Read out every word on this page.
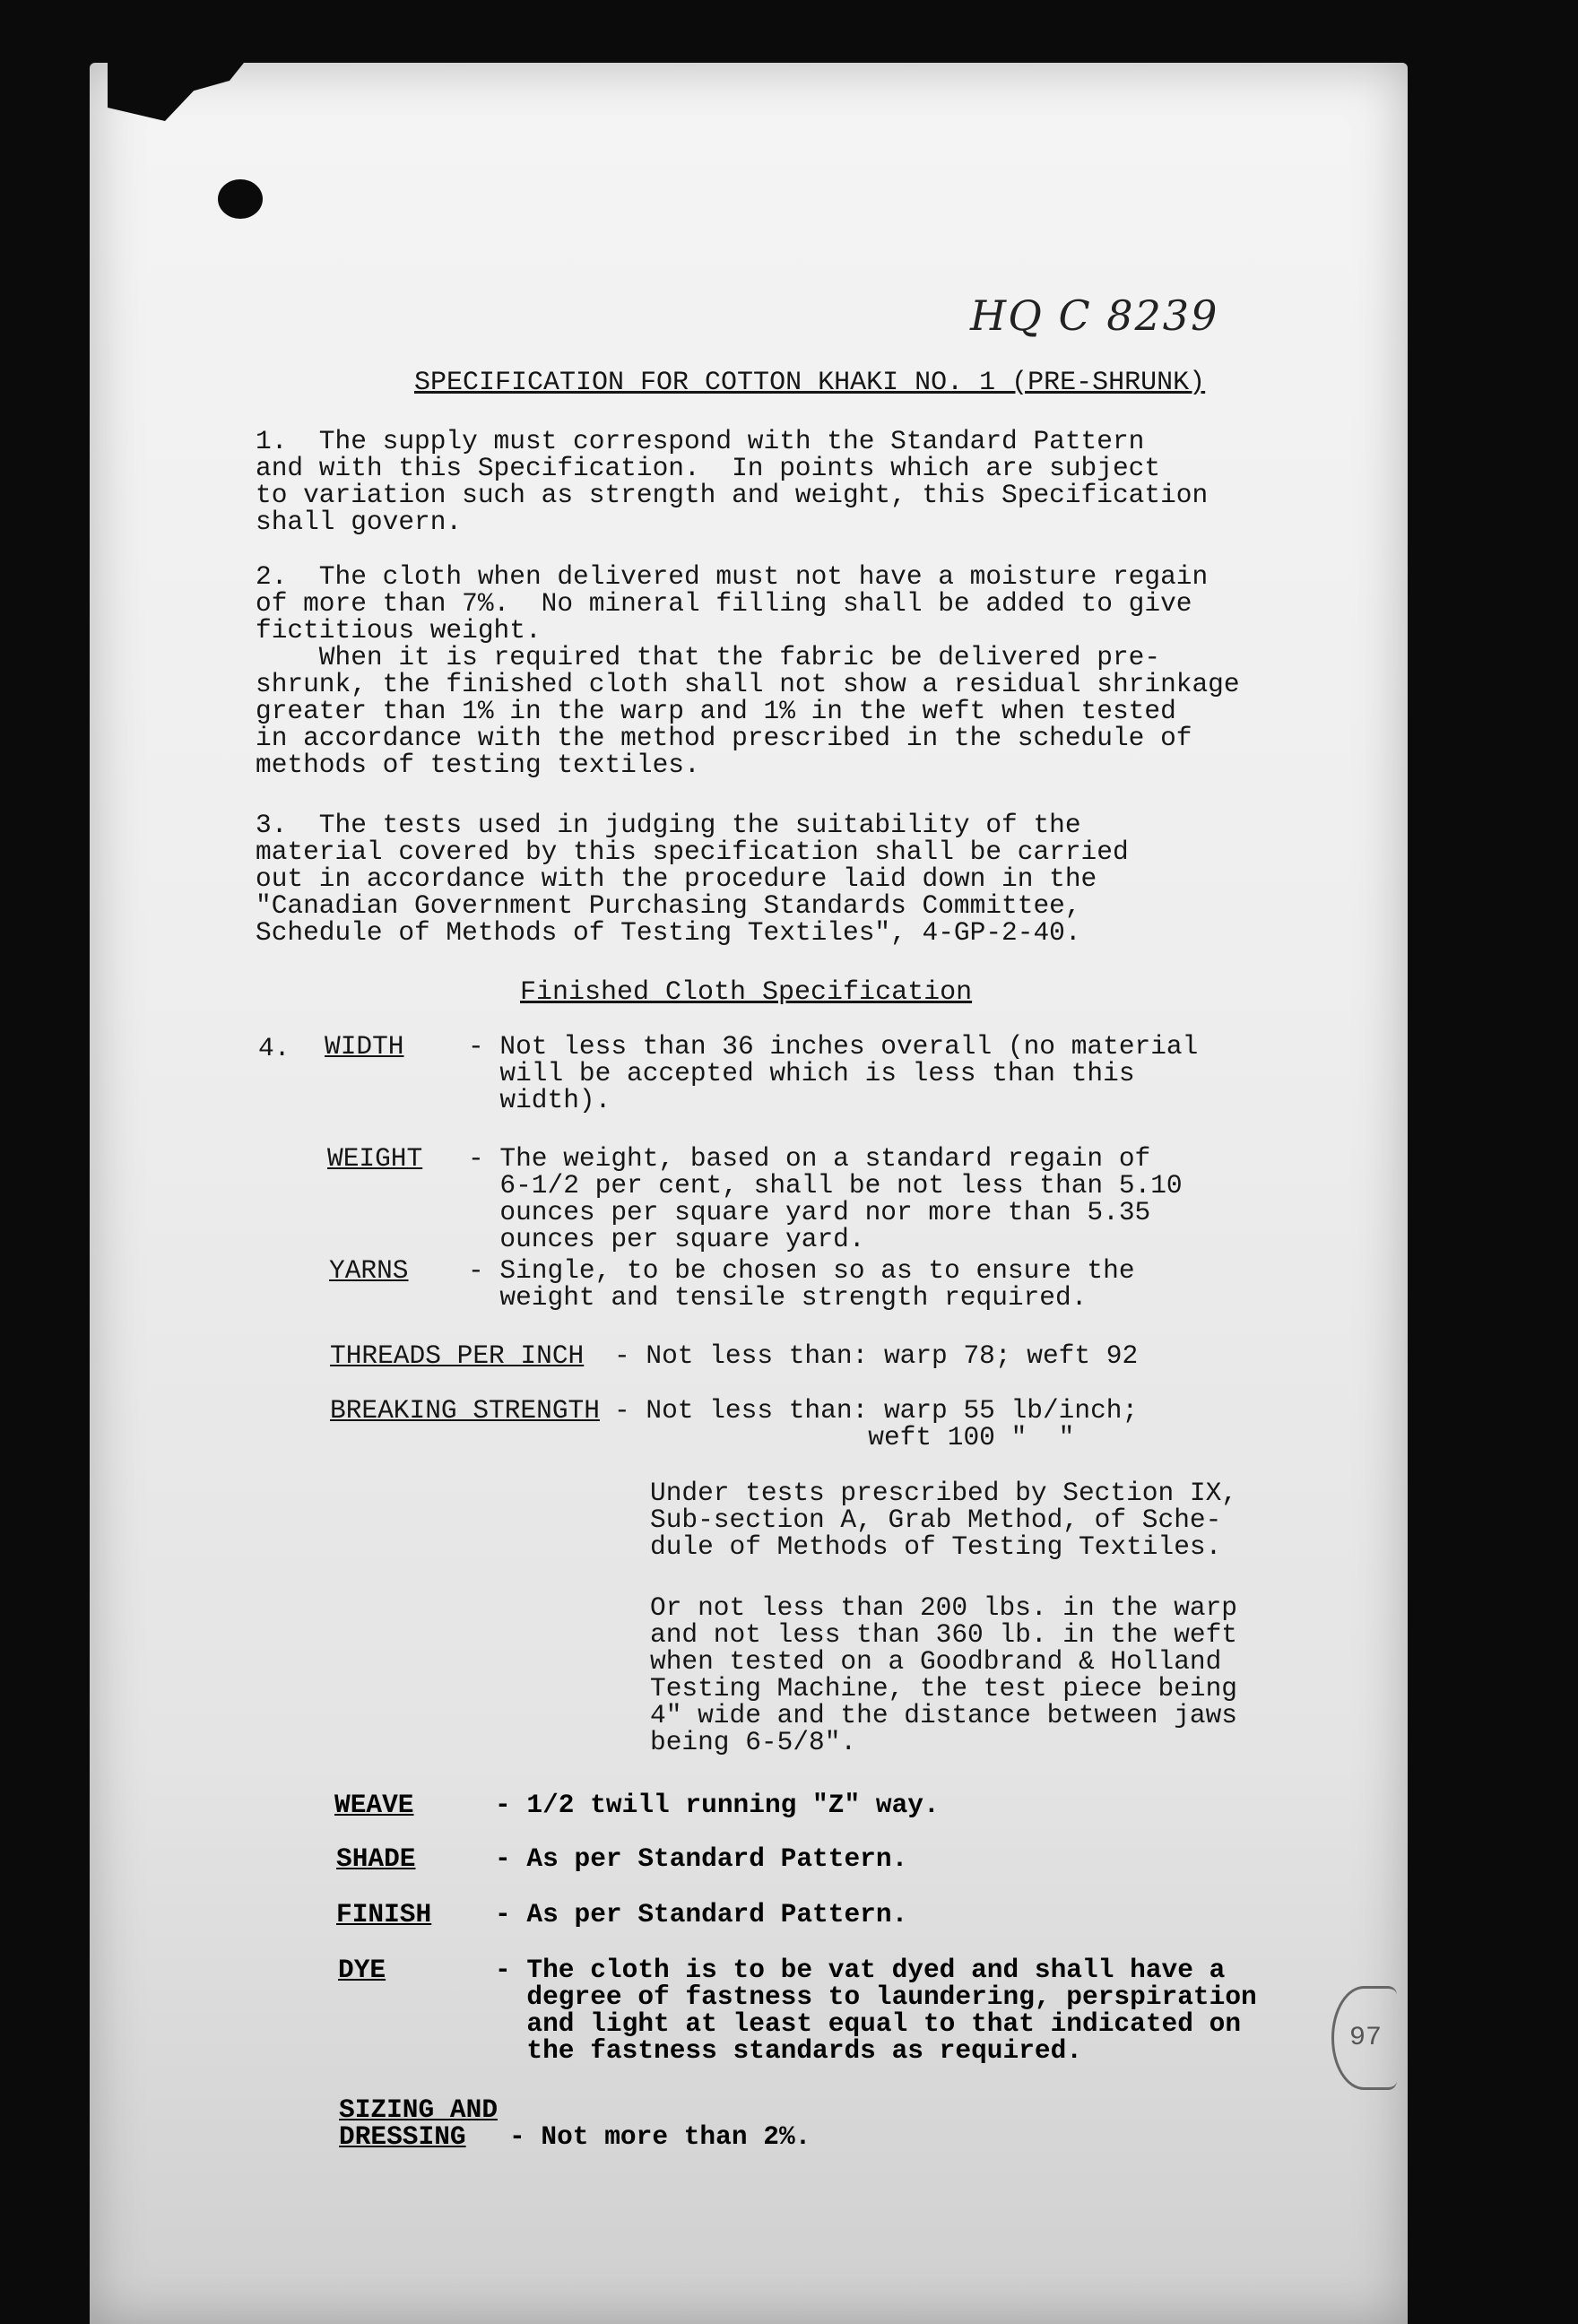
HQ C 8239
SPECIFICATION FOR COTTON KHAKI NO. 1 (PRE-SHRUNK)
1.  The supply must correspond with the Standard Pattern
and with this Specification.  In points which are subject
to variation such as strength and weight, this Specification
shall govern.
2.  The cloth when delivered must not have a moisture regain
of more than 7%.  No mineral filling shall be added to give
fictitious weight.
When it is required that the fabric be delivered pre-
shrunk, the finished cloth shall not show a residual shrinkage
greater than 1% in the warp and 1% in the weft when tested
in accordance with the method prescribed in the schedule of
methods of testing textiles.
3.  The tests used in judging the suitability of the
material covered by this specification shall be carried
out in accordance with the procedure laid down in the
"Canadian Government Purchasing Standards Committee,
Schedule of Methods of Testing Textiles", 4-GP-2-40.
Finished Cloth Specification
4. WIDTH - Not less than 36 inches overall (no material
will be accepted which is less than this
width).
WEIGHT - The weight, based on a standard regain of
6-1/2 per cent, shall be not less than 5.10
ounces per square yard nor more than 5.35
ounces per square yard.
YARNS - Single, to be chosen so as to ensure the
weight and tensile strength required.
THREADS PER INCH - Not less than: warp 78; weft 92
BREAKING STRENGTH - Not less than: warp 55 lb/inch;
weft 100 "  "
Under tests prescribed by Section IX,
Sub-section A, Grab Method, of Sche-
dule of Methods of Testing Textiles.
Or not less than 200 lbs. in the warp
and not less than 360 lb. in the weft
when tested on a Goodbrand & Holland
Testing Machine, the test piece being
4" wide and the distance between jaws
being 6-5/8".
WEAVE	- 1/2 twill running "Z" way.
SHADE	- As per Standard Pattern.
FINISH - As per Standard Pattern.
DYE	- The cloth is to be vat dyed and shall have a
degree of fastness to laundering, perspiration
and light at least equal to that indicated on
the fastness standards as required.
SIZING AND
DRESSING	- Not more than 2%.
97
